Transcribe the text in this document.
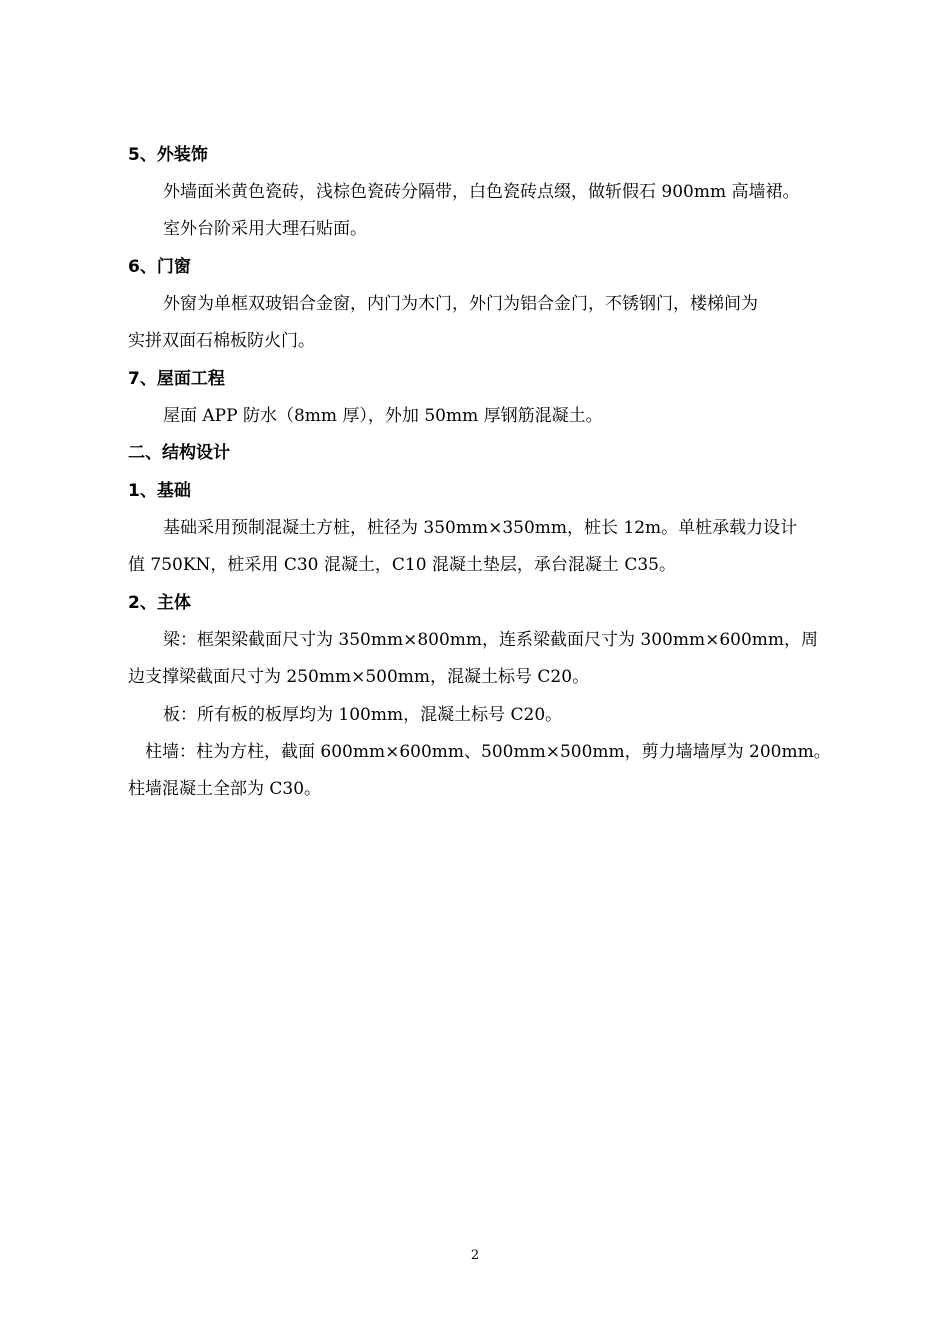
5、外装饰
外墙面米黄色瓷砖，浅棕色瓷砖分隔带，白色瓷砖点缀，做斩假石 900mm 高墙裙。
室外台阶采用大理石贴面。
6、门窗
外窗为单框双玻铝合金窗，内门为木门，外门为铝合金门，不锈钢门，楼梯间为
实拼双面石棉板防火门。
7、屋面工程
屋面 APP 防水（8mm 厚），外加 50mm 厚钢筋混凝土。
二、结构设计
1、基础
基础采用预制混凝土方桩，桩径为 350mm×350mm，桩长 12m。单桩承载力设计
值 750KN，桩采用 C30 混凝土，C10 混凝土垫层，承台混凝土 C35。
2、主体
梁：框架梁截面尺寸为 350mm×800mm，连系梁截面尺寸为 300mm×600mm，周
边支撑梁截面尺寸为 250mm×500mm，混凝土标号 C20。
板：所有板的板厚均为 100mm，混凝土标号 C20。
柱墙：柱为方柱，截面 600mm×600mm、500mm×500mm，剪力墙墙厚为 200mm。
柱墙混凝土全部为 C30。
2
